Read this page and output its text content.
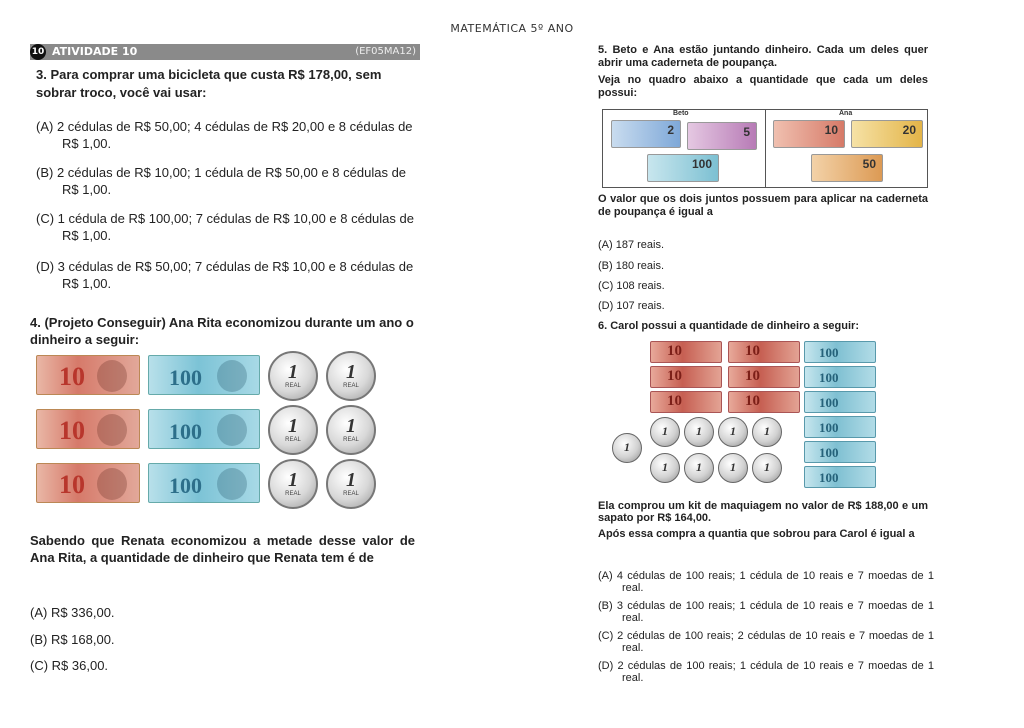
MATEMÁTICA 5º ANO
10 ATIVIDADE 10	(EF05MA12)
3. Para comprar uma bicicleta que custa R$ 178,00, sem sobrar troco, você vai usar:
(A) 2 cédulas de R$ 50,00; 4 cédulas de R$ 20,00 e 8 cédulas de R$ 1,00.
(B) 2 cédulas de R$ 10,00; 1 cédula de R$ 50,00 e 8 cédulas de R$ 1,00.
(C) 1 cédula de R$ 100,00; 7 cédulas de R$ 10,00 e 8 cédulas de R$ 1,00.
(D) 3 cédulas de R$ 50,00; 7 cédulas de R$ 10,00 e 8 cédulas de R$ 1,00.
4. (Projeto Conseguir) Ana Rita economizou durante um ano o dinheiro a seguir:
10
10
10
100
100
100
1
REAL
1
REAL
1
REAL
1
REAL
1
REAL
1
REAL
Sabendo que Renata economizou a metade desse valor de Ana Rita, a quantidade de dinheiro que Renata tem é de
(A) R$ 336,00.
(B) R$ 168,00.
(C) R$ 36,00.
5. Beto e Ana estão juntando dinheiro. Cada um deles quer abrir uma caderneta de poupança.
Veja no quadro abaixo a quantidade que cada um deles possui:
Beto	Ana
2	5
100
10	20
50
O valor que os dois juntos possuem para aplicar na caderneta de poupança é igual a
(A) 187 reais.
(B) 180 reais.
(C) 108 reais.
(D) 107 reais.
6. Carol possui a quantidade de dinheiro a seguir:
10
10
10
10
10
10
100
100
100
100
100
100
1
1	1	1	1
1	1	1	1
Ela comprou um kit de maquiagem no valor de R$ 188,00 e um sapato por R$ 164,00.
Após essa compra a quantia que sobrou para Carol é igual a
(A) 4 cédulas de 100 reais; 1 cédula de 10 reais e 7 moedas de 1 real.
(B) 3 cédulas de 100 reais; 1 cédula de 10 reais e 7 moedas de 1 real.
(C) 2 cédulas de 100 reais; 2 cédulas de 10 reais e 7 moedas de 1 real.
(D) 2 cédulas de 100 reais; 1 cédula de 10 reais e 7 moedas de 1 real.
